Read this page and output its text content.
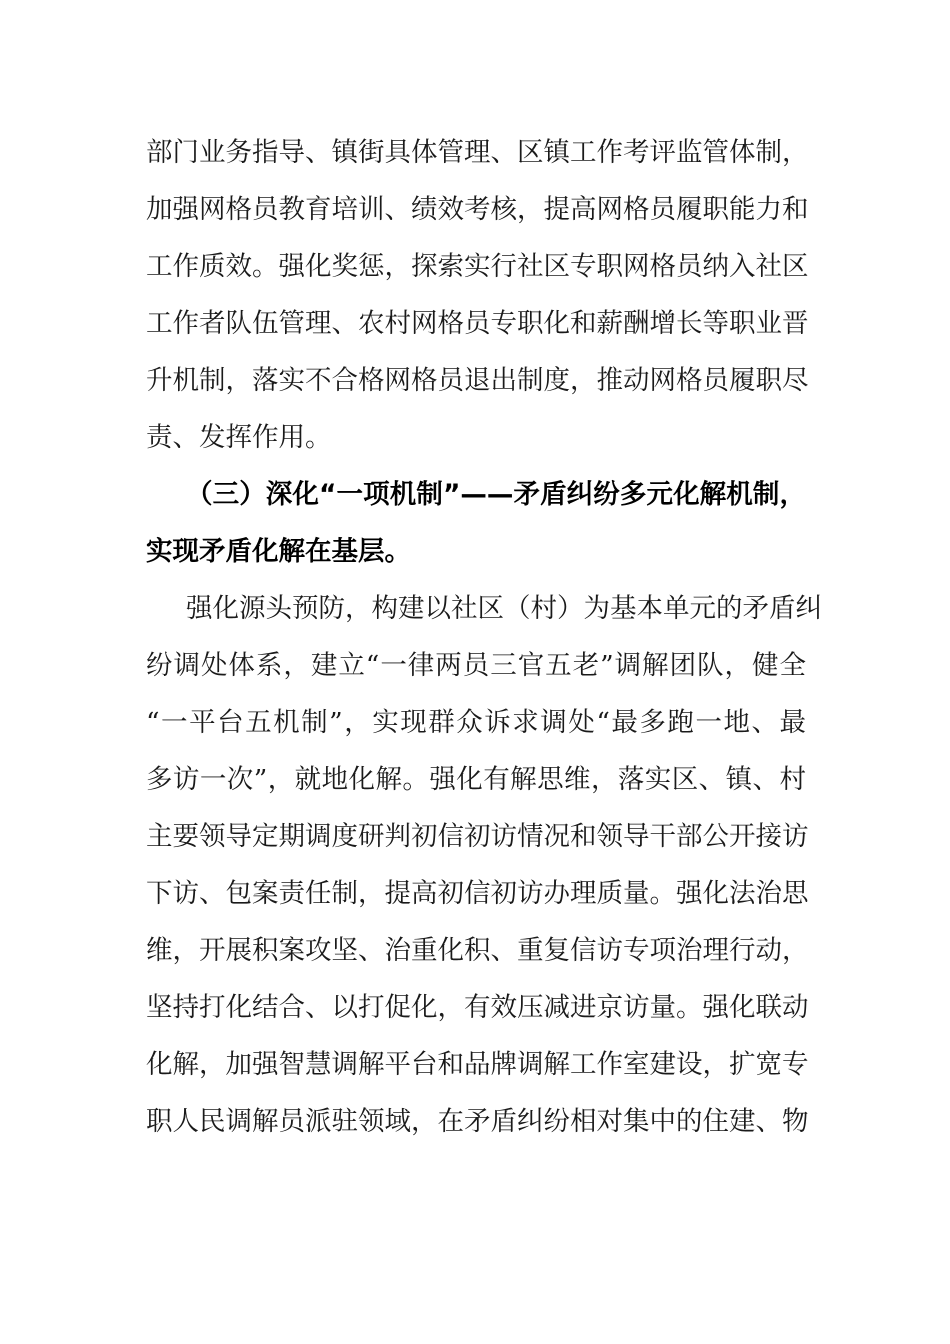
部门业务指导、镇街具体管理、区镇工作考评监管体制，
加强网格员教育培训、绩效考核，提高网格员履职能力和
工作质效。强化奖惩，探索实行社区专职网格员纳入社区
工作者队伍管理、农村网格员专职化和薪酬增长等职业晋
升机制，落实不合格网格员退出制度，推动网格员履职尽
责、发挥作用。
（三）深化“一项机制”——矛盾纠纷多元化解机制，
实现矛盾化解在基层。
强化源头预防，构建以社区（村）为基本单元的矛盾纠
纷调处体系，建立“一律两员三官五老”调解团队，健全
“一平台五机制”，实现群众诉求调处“最多跑一地、最
多访一次”，就地化解。强化有解思维，落实区、镇、村
主要领导定期调度研判初信初访情况和领导干部公开接访
下访、包案责任制，提高初信初访办理质量。强化法治思
维，开展积案攻坚、治重化积、重复信访专项治理行动，
坚持打化结合、以打促化，有效压减进京访量。强化联动
化解，加强智慧调解平台和品牌调解工作室建设，扩宽专
职人民调解员派驻领域，在矛盾纠纷相对集中的住建、物
